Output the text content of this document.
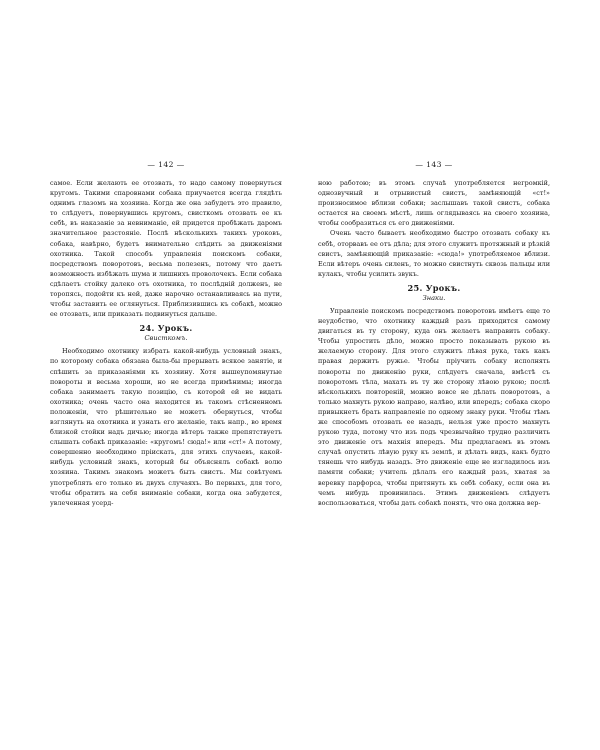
— 142 —

самое. Если желають ее отозвать, то надо самому повернуться кругомъ. Такими спаровнами собака приучается всегда глядѣть однимъ глазомъ на хозяина. Когда же она забудетъ это правило, то слѣдуетъ, повернувшись кругомъ, свисткомъ отозвать ее къ себѣ, въ наказаніе за невниманіе, ей придется пробѣжать даромъ значительное разстояніе. Послѣ нѣсколькихъ такихъ уроковъ, собака, навѣрно, будетъ внимательно слѣдить за движеніями охотника. Такой способъ управленія поискомъ собаки, посредствомъ поворотовъ, весьма полезенъ, потому что даетъ возможность избѣжать шума и лишнихъ проволочекъ. Если собака сдѣлаетъ стойку далеко отъ охотника, то послѣдній долженъ, не торопясь, подойти къ ней, даже нарочно останавливаясь на пути, чтобы заставить ее оглянуться. Приблизившись къ собакѣ, можно ее отозвать, или приказать подвинуться дальше.

24. Урокъ.

Свисткомъ.

Необходимо охотнику избрать какой-нибудь условный знакъ, по которому собака обязана была-бы прерывать всякое занятіе, и спѣшить за приказаніями къ хозяину. Хотя вышеупомянутые повороты и весьма хороши, но не всегда примѣнимы; иногда собака занимаетъ такую позицію, съ которой ей не видать охотника; очень часто она находится въ такомъ стѣсненномъ положеніи, что рѣшительно не можетъ обернуться, чтобы взглянуть на охотника и узнать его желаніе, такъ напр., во время близкой стойки надъ дичью; иногда вѣтеръ также препятствуетъ слышать собакѣ приказаніе: «кругомъ! сюда!» или «ст!» А потому, совершенно необходимо пріискать, для этихъ случаевъ, какой-нибудь условный знакъ, который бы объяснялъ собакѣ волю хозяина. Такимъ знакомъ можетъ быть свистъ. Мы совѣтуемъ употреблять его только въ двухъ случаяхъ. Во первыхъ, для того, чтобы обратить на себя вниманіе собаки, когда она забудется, увлеченная усерд-

— 143 —

ною работою; въ этомъ случаѣ употребляется негромкій, однозвучный и отрывистый свистъ, замѣняющій «ст!» произносимое вблизи собаки; заслышавъ такой свистъ, собака остается на своемъ мѣстѣ, лишь оглядываясь на своего хозяина, чтобы сообразиться съ его движеніями.

Очень часто бываетъ необходимо быстро отозвать собаку къ себѣ, оторвавъ ее отъ дѣла; для этого служитъ протяжный и рѣзкій свистъ, замѣняющій приказаніе: «сюда!» употребляемое вблизи. Если вѣтеръ очень силенъ, то можно свистнуть сквозь пальцы или кулакъ, чтобы усилить звукъ.

25. Урокъ.

Знаки.

Управленіе поискомъ посредствомъ поворотовъ имѣетъ еще то неудобство, что охотнику каждый разъ приходится самому двигаться въ ту сторону, куда онъ желаетъ направить собаку. Чтобы упростить дѣло, можно просто показывать рукою въ желаемую сторону. Для этого служитъ лѣвая рука, такъ какъ правая держитъ ружье. Чтобы пріучить собаку исполнять повороты по движенію руки, слѣдуетъ сначала, вмѣстѣ съ поворотомъ тѣла, махать въ ту же сторону лѣвою рукою; послѣ нѣсколькихъ повтореній, можно вовсе не дѣлать поворотовъ, а только махнуть рукою направо, налѣво, или впередъ; собака скоро привыкнетъ брать направленіе по одному знаку руки. Чтобы тѣмъ же способомъ отозвать ее назадъ, нельзя уже просто махнуть рукою туда, потому что изъ подъ чрезвычайно трудно различить это движеніе отъ махнія впередъ. Мы предлагаемъ въ этомъ случаѣ опустить лѣвую руку къ землѣ, и дѣлать видъ, какъ будто тянешь что нибудь назадъ. Это движеніе еще не изгладилось изъ памяти собаки; учитель дѣлалъ его каждый разъ, хватая за веревку парфорса, чтобы притянуть къ себѣ собаку, если она въ чемъ нибудь провинилась. Этимъ движеніемъ слѣдуетъ воспользоваться, чтобы дать собакѣ понять, что она должна вер-
